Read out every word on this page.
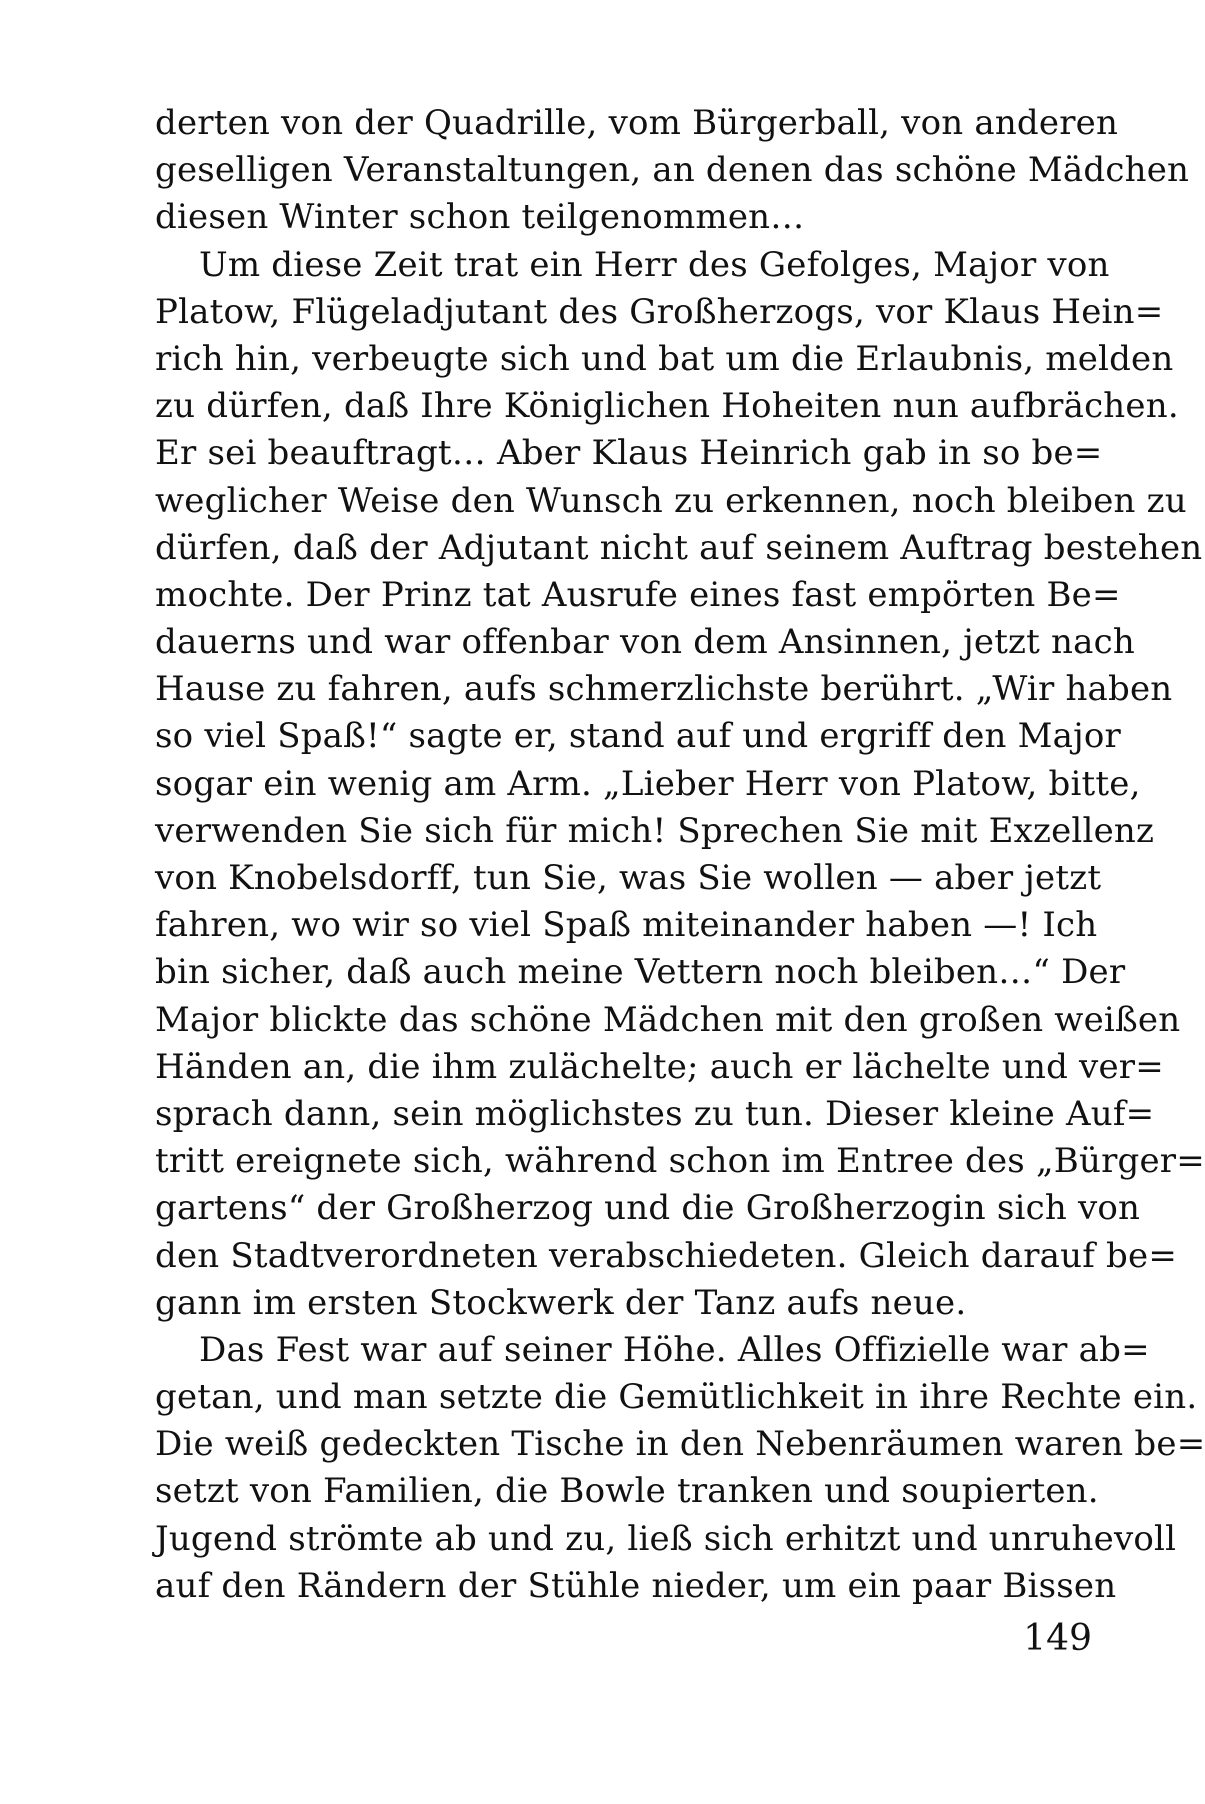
derten von der Quadrille, vom Bürgerball, von anderen
geselligen Veranstaltungen, an denen das schöne Mädchen
diesen Winter schon teilgenommen…
Um diese Zeit trat ein Herr des Gefolges, Major von
Platow, Flügeladjutant des Großherzogs, vor Klaus Hein=
rich hin, verbeugte sich und bat um die Erlaubnis, melden
zu dürfen, daß Ihre Königlichen Hoheiten nun aufbrächen.
Er sei beauftragt… Aber Klaus Heinrich gab in so be=
weglicher Weise den Wunsch zu erkennen, noch bleiben zu
dürfen, daß der Adjutant nicht auf seinem Auftrag bestehen
mochte. Der Prinz tat Ausrufe eines fast empörten Be=
dauerns und war offenbar von dem Ansinnen, jetzt nach
Hause zu fahren, aufs schmerzlichste berührt. „Wir haben
so viel Spaß!“ sagte er, stand auf und ergriff den Major
sogar ein wenig am Arm. „Lieber Herr von Platow, bitte,
verwenden Sie sich für mich! Sprechen Sie mit Exzellenz
von Knobelsdorff, tun Sie, was Sie wollen — aber jetzt
fahren, wo wir so viel Spaß miteinander haben —! Ich
bin sicher, daß auch meine Vettern noch bleiben…“ Der
Major blickte das schöne Mädchen mit den großen weißen
Händen an, die ihm zulächelte; auch er lächelte und ver=
sprach dann, sein möglichstes zu tun. Dieser kleine Auf=
tritt ereignete sich, während schon im Entree des „Bürger=
gartens“ der Großherzog und die Großherzogin sich von
den Stadtverordneten verabschiedeten. Gleich darauf be=
gann im ersten Stockwerk der Tanz aufs neue.
Das Fest war auf seiner Höhe. Alles Offizielle war ab=
getan, und man setzte die Gemütlichkeit in ihre Rechte ein.
Die weiß gedeckten Tische in den Nebenräumen waren be=
setzt von Familien, die Bowle tranken und soupierten.
Jugend strömte ab und zu, ließ sich erhitzt und unruhevoll
auf den Rändern der Stühle nieder, um ein paar Bissen
149
